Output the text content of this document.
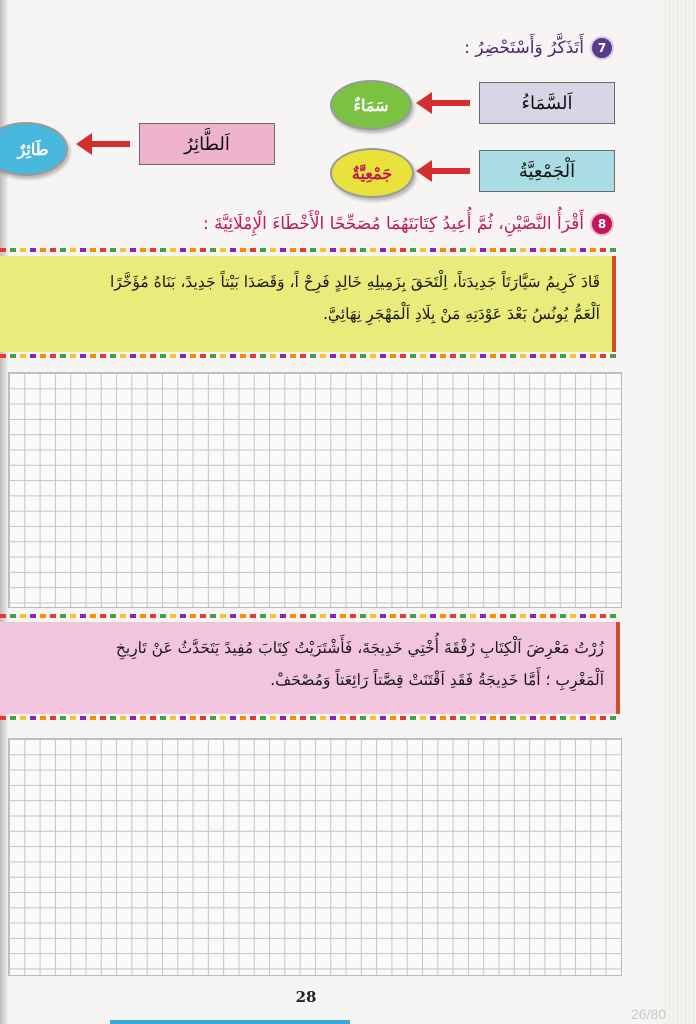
7
أَتَذَكَّرُ وَأَسْتَحْضِرُ :
اَلسَّمَاءُ
سَمَاءٌ
اَلطَّائِرُ
طَائِرٌ
اَلْجَمْعِيَّةُ
جَمْعِيَّةٌ
8
أَقْرَأُ النَّصَّيْنِ، ثُمَّ أُعِيدُ كِتَابَتَهُمَا مُصَحِّحًا الْأَخْطَاءَ الْإِمْلَائِيَّةَ :
قَادَ كَرِيمُ سَيَّارَتَاً جَدِيدَتاً، اِلْتَحَقَ بِزَمِيلِهِ خَالِدٍ فَرِحْ اً، وَقَصَدَا بَيْتاً جَدِيدً، بَنَاهُ مُؤَخَّرًا
اَلْعَمُّ يُونُسُ بَعْدَ عَوْدَتِهِ مَنْ بِلَادِ اَلْمَهْجَرِ نِهَائِيَّ.
زُرْتُ مَعْرِضَ اَلْكِتَابِ رُفْقَةَ أُخْتِي خَدِيجَةَ، فَأَشْتَرَيْتُ كِتَابَ مُفِيدً يَتَحَدَّثُ عَنْ تَارِيخِ
اَلْمَغْرِبِ ؛ أَمَّا خَدِيجَةُ فَقَدِ اَقْتَنَتْ قِصَّتاً رَائِعَتاً وَمُصْحَفْ.
28
26/80
